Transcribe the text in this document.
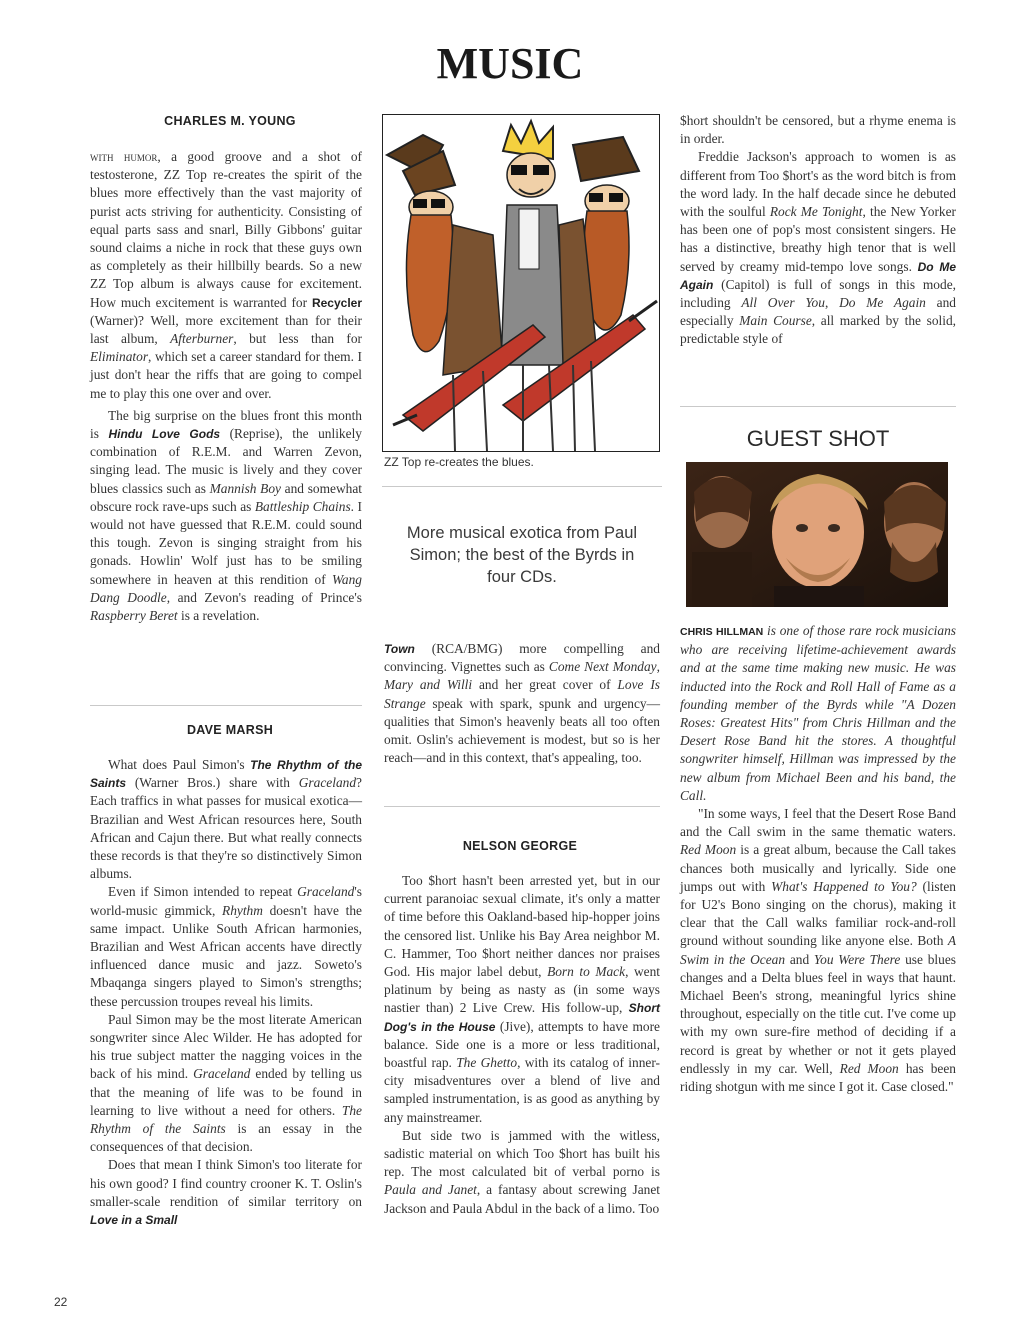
MUSIC
CHARLES M. YOUNG

with humor, a good groove and a shot of testosterone, ZZ Top re-creates the spirit of the blues more effectively than the vast majority of purist acts striving for authenticity. Consisting of equal parts sass and snarl, Billy Gibbons' guitar sound claims a niche in rock that these guys own as completely as their hillbilly beards. So a new ZZ Top album is always cause for excitement. How much excitement is warranted for Recycler (Warner)? Well, more excitement than for their last album, Afterburner, but less than for Eliminator, which set a career standard for them. I just don't hear the riffs that are going to compel me to play this one over and over.

The big surprise on the blues front this month is Hindu Love Gods (Reprise), the unlikely combination of R.E.M. and Warren Zevon, singing lead. The music is lively and they cover blues classics such as Mannish Boy and somewhat obscure rock rave-ups such as Battleship Chains. I would not have guessed that R.E.M. could sound this tough. Zevon is singing straight from his gonads. Howlin' Wolf just has to be smiling somewhere in heaven at this rendition of Wang Dang Doodle, and Zevon's reading of Prince's Raspberry Beret is a revelation.

DAVE MARSH

What does Paul Simon's The Rhythm of the Saints (Warner Bros.) share with Graceland? Each traffics in what passes for musical exotica—Brazilian and West African resources here, South African and Cajun there. But what really connects these records is that they're so distinctively Simon albums.

Even if Simon intended to repeat Graceland's world-music gimmick, Rhythm doesn't have the same impact. Unlike South African harmonies, Brazilian and West African accents have directly influenced dance music and jazz. Soweto's Mbaqanga singers played to Simon's strengths; these percussion troupes reveal his limits.

Paul Simon may be the most literate American songwriter since Alec Wilder. He has adopted for his true subject matter the nagging voices in the back of his mind. Graceland ended by telling us that the meaning of life was to be found in learning to live without a need for others. The Rhythm of the Saints is an essay in the consequences of that decision.

Does that mean I think Simon's too literate for his own good? I find country crooner K. T. Oslin's smaller-scale rendition of similar territory on Love in a Small

22
ZZ Top re-creates the blues.
More musical exotica from Paul Simon; the best of the Byrds in four CDs.

Town (RCA/BMG) more compelling and convincing. Vignettes such as Come Next Monday, Mary and Willi and her great cover of Love Is Strange speak with spark, spunk and urgency—qualities that Simon's heavenly beats all too often omit. Oslin's achievement is modest, but so is her reach—and in this context, that's appealing, too.

NELSON GEORGE

Too $hort hasn't been arrested yet, but in our current paranoiac sexual climate, it's only a matter of time before this Oakland-based hip-hopper joins the censored list. Unlike his Bay Area neighbor M. C. Hammer, Too $hort neither dances nor praises God. His major label debut, Born to Mack, went platinum by being as nasty as (in some ways nastier than) 2 Live Crew. His follow-up, Short Dog's in the House (Jive), attempts to have more balance. Side one is a more or less traditional, boastful rap. The Ghetto, with its catalog of inner-city misadventures over a blend of live and sampled instrumentation, is as good as anything by any mainstreamer.

But side two is jammed with the witless, sadistic material on which Too $hort has built his rep. The most calculated bit of verbal porno is Paula and Janet, a fantasy about screwing Janet Jackson and Paula Abdul in the back of a limo. Too

$hort shouldn't be censored, but a rhyme enema is in order.

Freddie Jackson's approach to women is as different from Too $hort's as the word bitch is from the word lady. In the half decade since he debuted with the soulful Rock Me Tonight, the New Yorker has been one of pop's most consistent singers. He has a distinctive, breathy high tenor that is well served by creamy mid-tempo love songs. Do Me Again (Capitol) is full of songs in this mode, including All Over You, Do Me Again and especially Main Course, all marked by the solid, predictable style of

GUEST SHOT

CHRIS HILLMAN is one of those rare rock musicians who are receiving lifetime-achievement awards and at the same time making new music. He was inducted into the Rock and Roll Hall of Fame as a founding member of the Byrds while "A Dozen Roses: Greatest Hits" from Chris Hillman and the Desert Rose Band hit the stores. A thoughtful songwriter himself, Hillman was impressed by the new album from Michael Been and his band, the Call.

"In some ways, I feel that the Desert Rose Band and the Call swim in the same thematic waters. Red Moon is a great album, because the Call takes chances both musically and lyrically. Side one jumps out with What's Happened to You? (listen for U2's Bono singing on the chorus), making it clear that the Call walks familiar rock-and-roll ground without sounding like anyone else. Both A Swim in the Ocean and You Were There use blues changes and a Delta blues feel in ways that haunt. Michael Been's strong, meaningful lyrics shine throughout, especially on the title cut. I've come up with my own sure-fire method of deciding if a record is great by whether or not it gets played endlessly in my car. Well, Red Moon has been riding shotgun with me since I got it. Case closed."
